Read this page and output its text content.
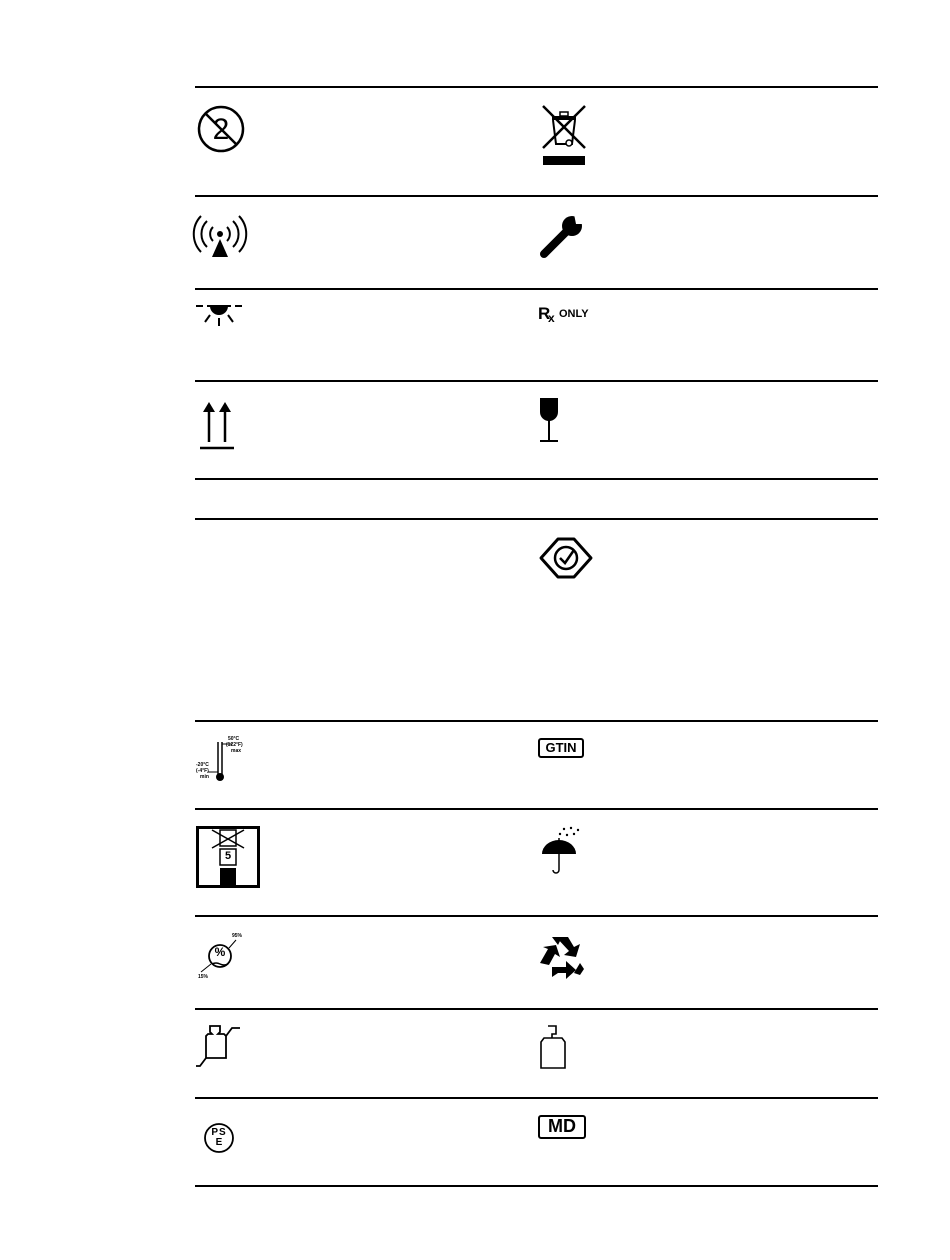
2
R
x ONLY
50°C
(122°F)
max
-20°C
(-4°F)
min
GTIN
5
%
95%
15%
PS
E
MD
